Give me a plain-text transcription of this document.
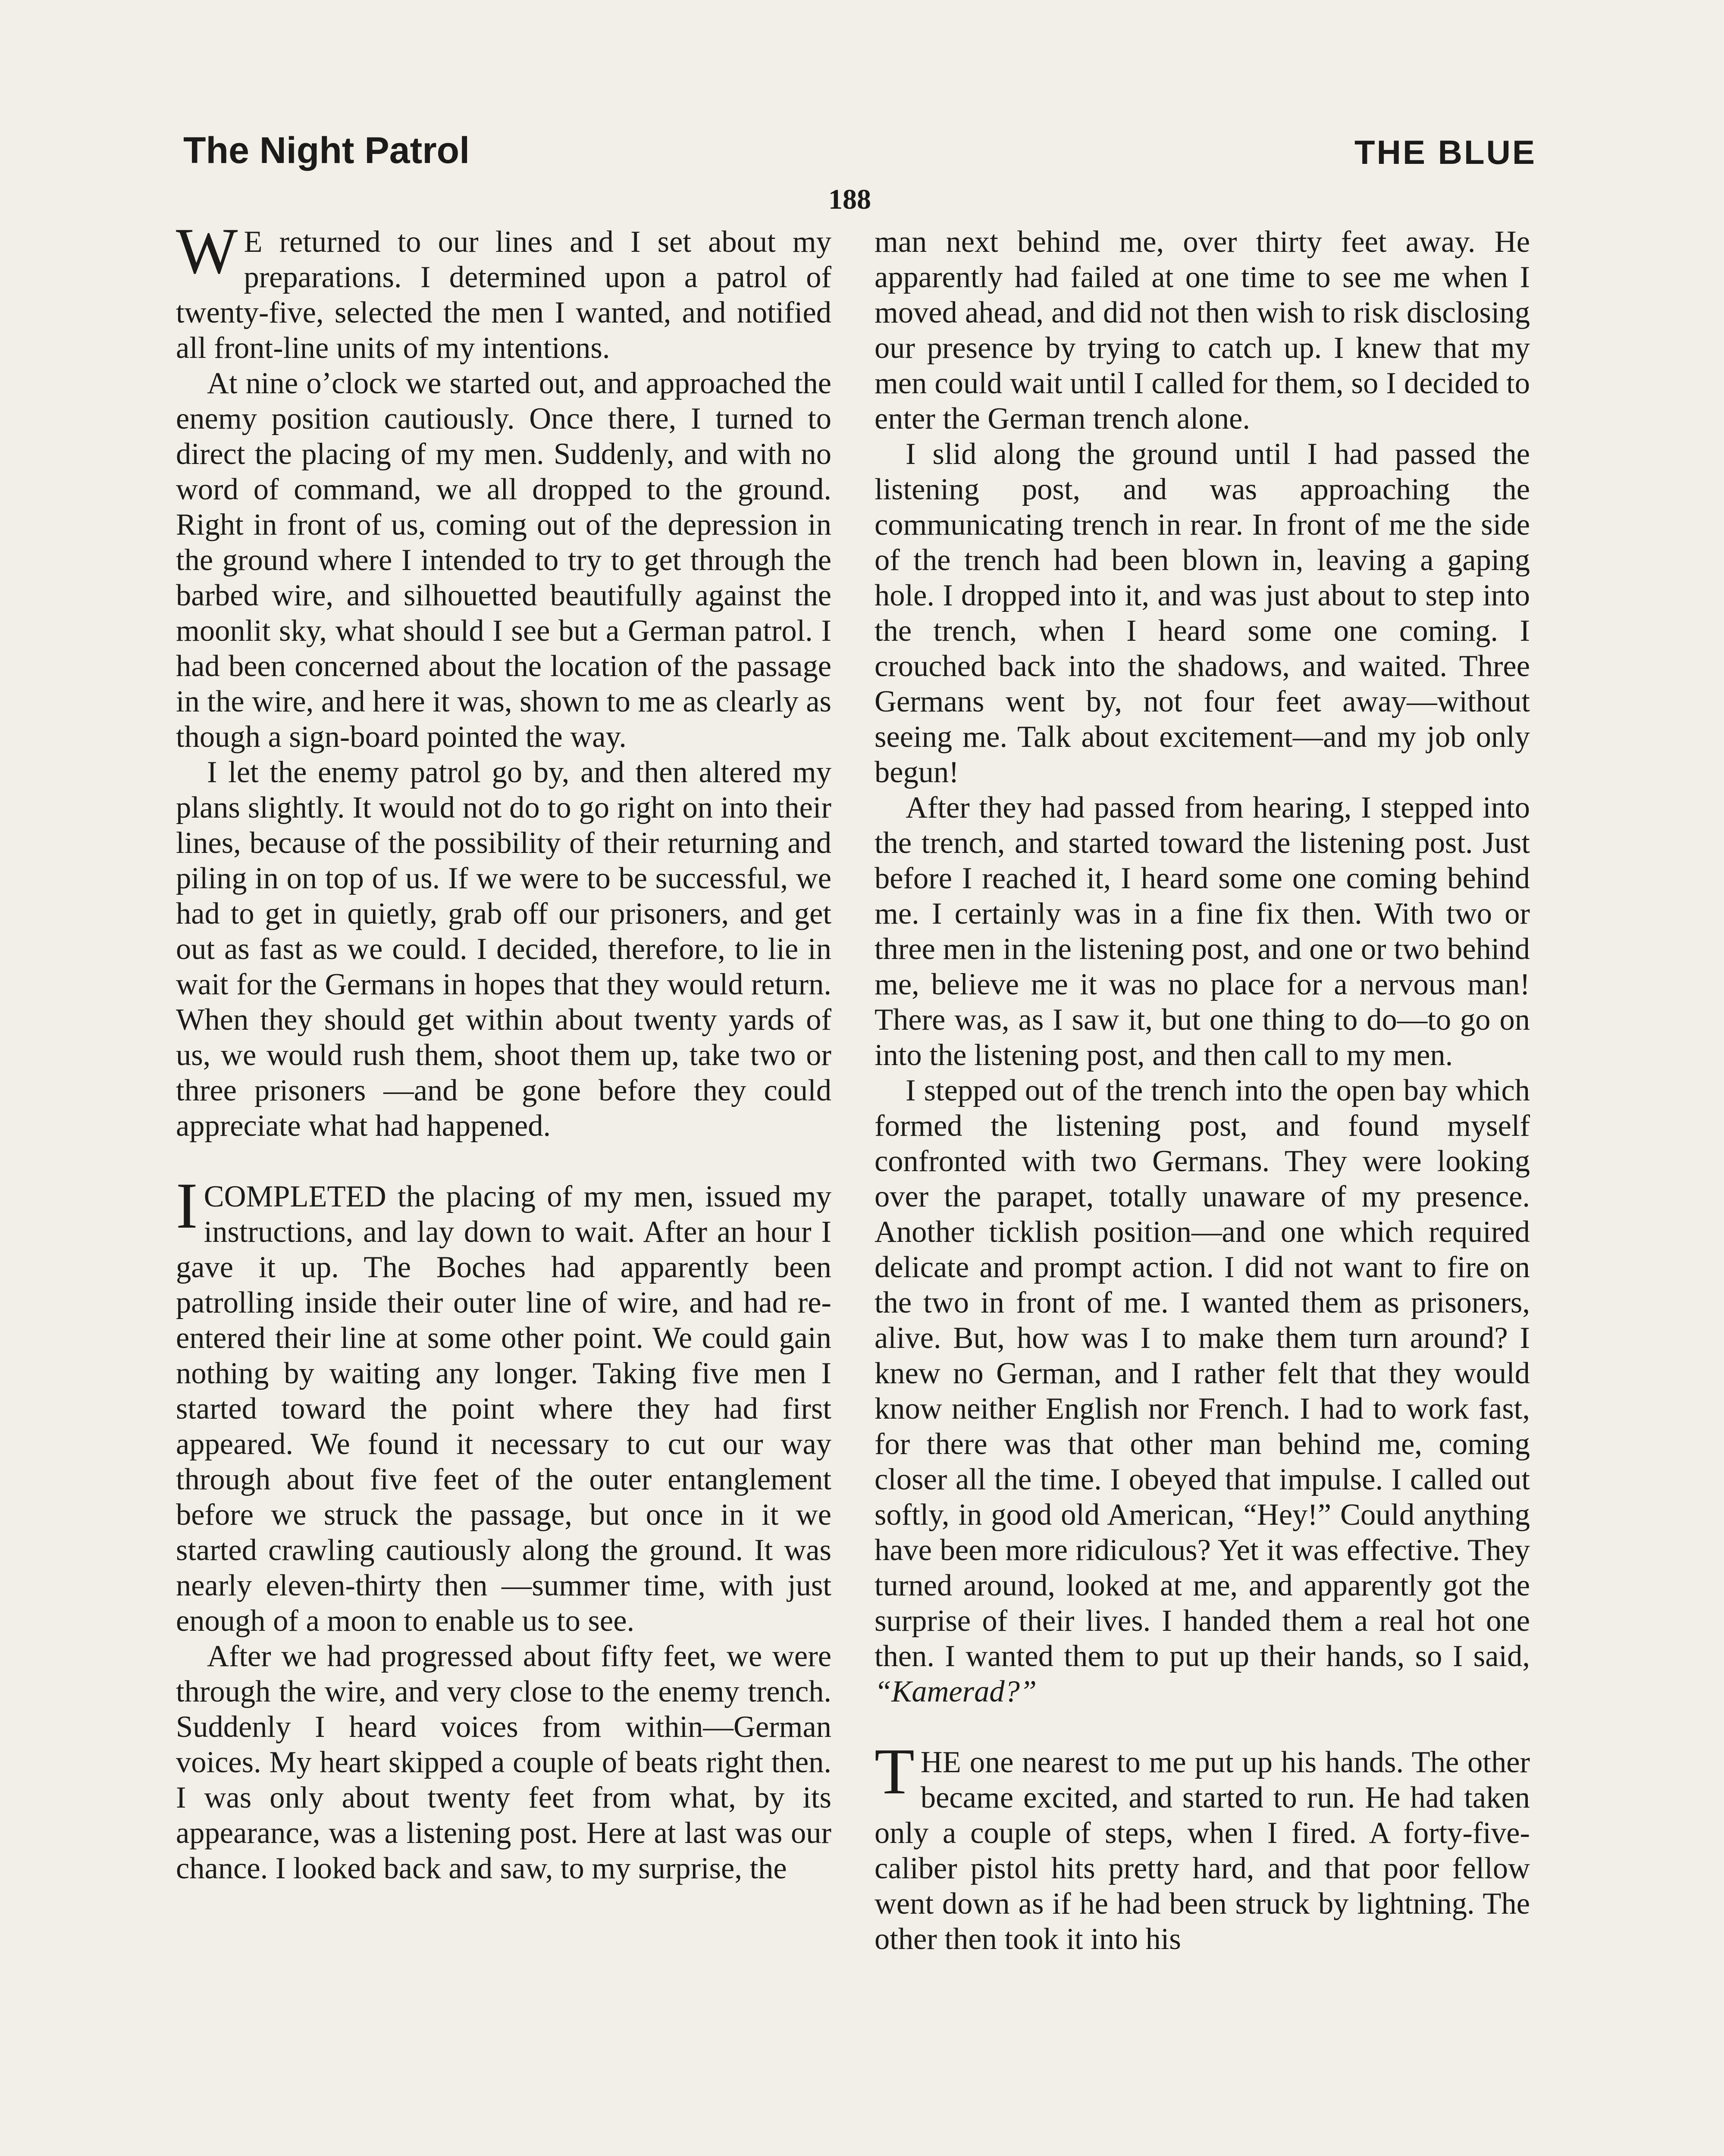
The Night Patrol	THE BLUE
188

W E returned to our lines and I set about my preparations. I determined upon a patrol of twenty-five, selected the men I wanted, and notified all front-line units of my intentions.

At nine o’clock we started out, and approached the enemy position cautiously. Once there, I turned to direct the placing of my men. Suddenly, and with no word of command, we all dropped to the ground. Right in front of us, coming out of the depression in the ground where I intended to try to get through the barbed wire, and silhouetted beautifully against the moonlit sky, what should I see but a German patrol. I had been concerned about the location of the passage in the wire, and here it was, shown to me as clearly as though a sign-board pointed the way.

I let the enemy patrol go by, and then altered my plans slightly. It would not do to go right on into their lines, because of the possibility of their returning and piling in on top of us. If we were to be successful, we had to get in quietly, grab off our prisoners, and get out as fast as we could. I decided, therefore, to lie in wait for the Germans in hopes that they would return. When they should get within about twenty yards of us, we would rush them, shoot them up, take two or three prisoners —and be gone before they could appreciate what had happened.

ICOMPLETED the placing of my men, issued my instructions, and lay down to wait. After an hour I gave it up. The Boches had apparently been patrolling inside their outer line of wire, and had re-entered their line at some other point. We could gain nothing by waiting any longer. Taking five men I started toward the point where they had first appeared. We found it necessary to cut our way through about five feet of the outer entanglement before we struck the passage, but once in it we started crawling cautiously along the ground. It was nearly eleven-thirty then —summer time, with just enough of a moon to enable us to see.

After we had progressed about fifty feet, we were through the wire, and very close to the enemy trench. Suddenly I heard voices from within—German voices. My heart skipped a couple of beats right then. I was only about twenty feet from what, by its appearance, was a listening post. Here at last was our chance. I looked back and saw, to my surprise, the

man next behind me, over thirty feet away. He apparently had failed at one time to see me when I moved ahead, and did not then wish to risk disclosing our presence by trying to catch up. I knew that my men could wait until I called for them, so I decided to enter the German trench alone.

I slid along the ground until I had passed the listening post, and was approaching the communicating trench in rear. In front of me the side of the trench had been blown in, leaving a gaping hole. I dropped into it, and was just about to step into the trench, when I heard some one coming. I crouched back into the shadows, and waited. Three Germans went by, not four feet away—without seeing me. Talk about excitement—and my job only begun!

After they had passed from hearing, I stepped into the trench, and started toward the listening post. Just before I reached it, I heard some one coming behind me. I certainly was in a fine fix then. With two or three men in the listening post, and one or two behind me, believe me it was no place for a nervous man! There was, as I saw it, but one thing to do—to go on into the listening post, and then call to my men.

I stepped out of the trench into the open bay which formed the listening post, and found myself confronted with two Germans. They were looking over the parapet, totally unaware of my presence. Another ticklish position—and one which required delicate and prompt action. I did not want to fire on the two in front of me. I wanted them as prisoners, alive. But, how was I to make them turn around? I knew no German, and I rather felt that they would know neither English nor French. I had to work fast, for there was that other man behind me, coming closer all the time. I obeyed that impulse. I called out softly, in good old American, “Hey!” Could anything have been more ridiculous? Yet it was effective. They turned around, looked at me, and apparently got the surprise of their lives. I handed them a real hot one then. I wanted them to put up their hands, so I said, “Kamerad?”

THE one nearest to me put up his hands. The other became excited, and started to run. He had taken only a couple of steps, when I fired. A forty-five-caliber pistol hits pretty hard, and that poor fellow went down as if he had been struck by lightning. The other then took it into his
